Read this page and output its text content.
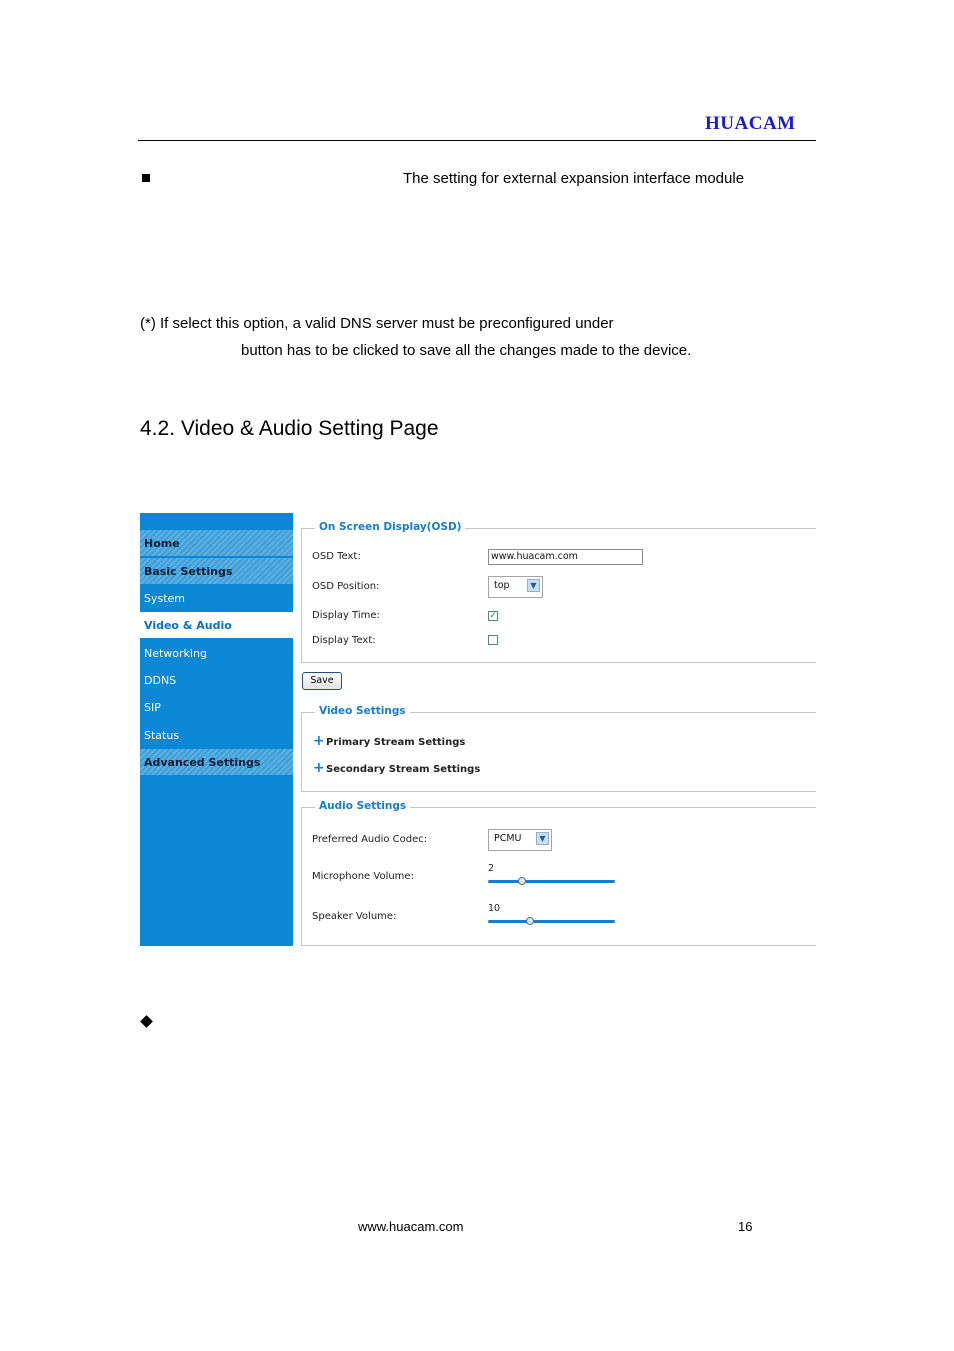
HUACAM
The setting for external expansion interface module
(*) If select this option, a valid DNS server must be preconfigured under
button has to be clicked to save all the changes made to the device.
4.2. Video & Audio Setting Page
Home
Basic Settings
System
Video & Audio
Networking
DDNS
SIP
Status
Advanced Settings
On Screen Display(OSD)
OSD Text:	www.huacam.com
OSD Position:	top	▼
Display Time:	✓
Display Text:
Save
Video Settings
+ Primary Stream Settings
+ Secondary Stream Settings
Audio Settings
Preferred Audio Codec:	PCMU	▼
Microphone Volume:
2
Speaker Volume:
10
www.huacam.com	16
